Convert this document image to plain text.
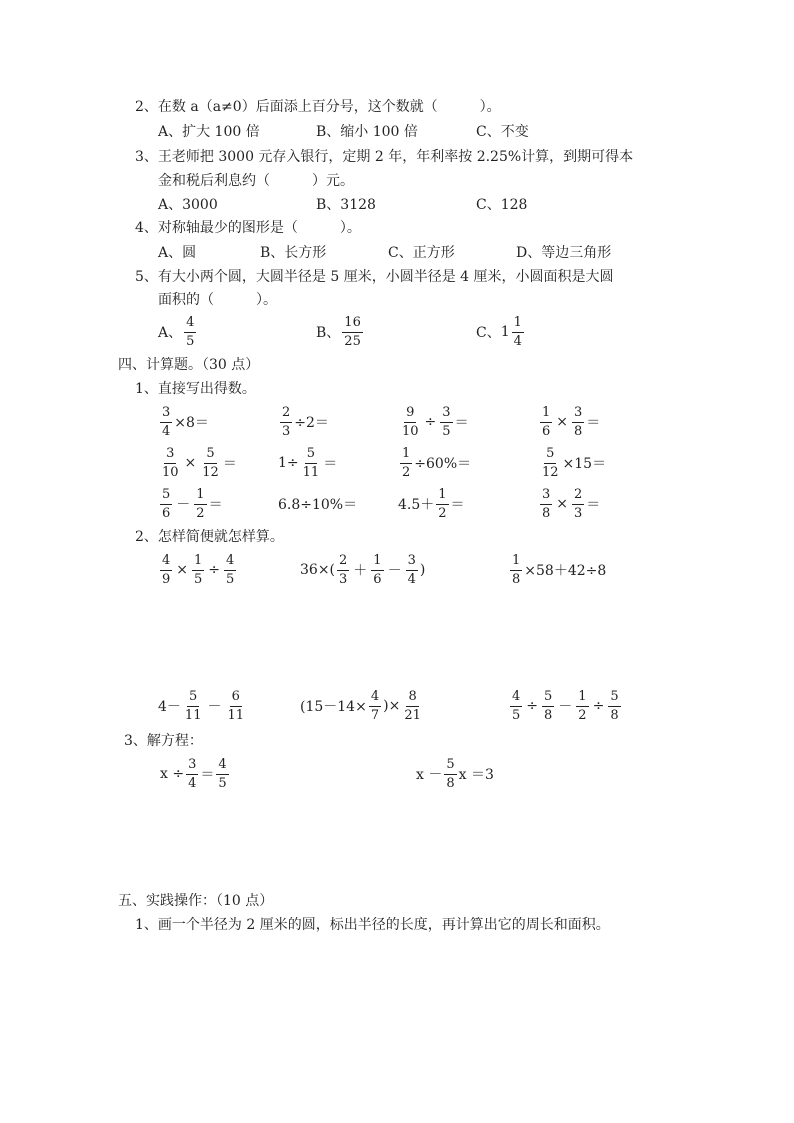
2、在数 a（a≠0）后面添上百分号，这个数就（　　　）。
A、扩大 100 倍	B、缩小 100 倍	C、不变
3、王老师把 3000 元存入银行，定期 2 年，年利率按 2.25%计算，到期可得本
金和税后利息约（　　　）元。
A、3000	B、3128	C、128
4、对称轴最少的图形是（　　　）。
A、圆	B、长方形	C、正方形	D、等边三角形
5、有大小两个圆，大圆半径是 5 厘米，小圆半径是 4 厘米，小圆面积是大圆
面积的（　　　）。
A、 $\frac{4}{5}$	B、 $\frac{16}{25}$	C、 $1 \frac{1}{4}$
四、计算题。（30 点）
1、直接写出得数。
$\frac{3}{4} \times 8=$	$\frac{2}{3} \div 2=$	$\frac{9}{10} \div \frac{3}{5}$ ＝	$\frac{1}{6} \times \frac{3}{8}$ ＝
$\frac{3}{10} \times \frac{5}{12}$ ＝	$1\div \frac{5}{11}$ ＝	$\frac{1}{2} \div 60\%=$	$\frac{5}{12} \times 15=$
$\frac{5}{6} - \frac{1}{2}$ ＝	6.8÷10%＝	$4.5+ \frac{1}{2}$ ＝	$\frac{3}{8} \times \frac{2}{3}$ ＝
2、怎样简便就怎样算。
$\frac{4}{9} \times \frac{1}{5} \div \frac{4}{5}$	$36\times( \frac{2}{3} + \frac{1}{6} - \frac{3}{4}$ )	$\frac{1}{8} \times 58+42\div 8$
$4- \frac{5}{11} - \frac{6}{11}$	($15-14\times \frac{4}{7}$ )× $\frac{8}{21}$	$\frac{4}{5} \div \frac{5}{8} - \frac{1}{2} \div \frac{5}{8}$
3、解方程：
$x \div \frac{3}{4} = \frac{4}{5}$	$x - \frac{5}{8}$ x ＝3
五、实践操作：（10 点）
1、画一个半径为 2 厘米的圆，标出半径的长度，再计算出它的周长和面积。
